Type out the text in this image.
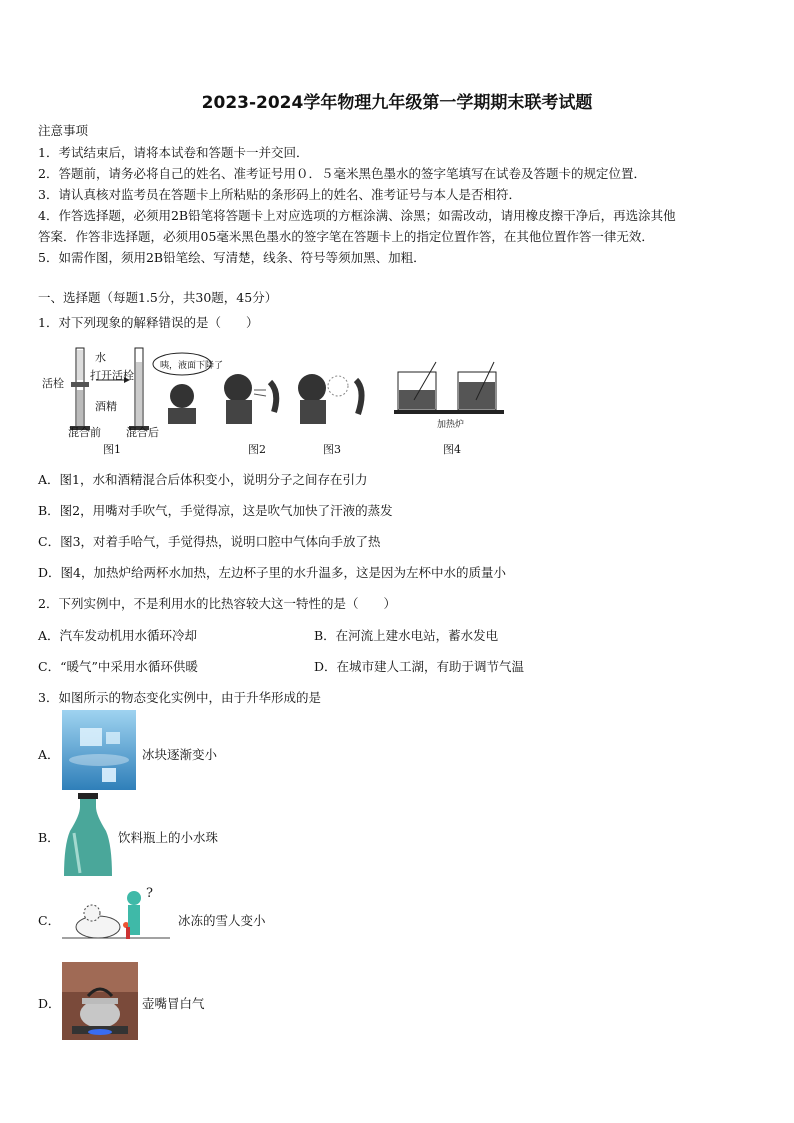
2023-2024学年物理九年级第一学期期末联考试题
注意事项
1．考试结束后，请将本试卷和答题卡一并交回．
2．答题前，请务必将自己的姓名、准考证号用０．５毫米黑色墨水的签字笔填写在试卷及答题卡的规定位置．
3．请认真核对监考员在答题卡上所粘贴的条形码上的姓名、准考证号与本人是否相符．
4．作答选择题，必须用2B铅笔将答题卡上对应选项的方框涂满、涂黑；如需改动，请用橡皮擦干净后，再选涂其他
答案．作答非选择题，必须用05毫米黑色墨水的签字笔在答题卡上的指定位置作答，在其他位置作答一律无效．
5．如需作图，须用2B铅笔绘、写清楚，线条、符号等须加黑、加粗．
一、选择题（每题1.5分，共30题，45分）
1．对下列现象的解释错误的是（　　）
水
活栓
打开活栓
酒精
混合前 混合后
咦，液面下降了
图1	图2	图3
加热炉
图4
A．图1，水和酒精混合后体积变小，说明分子之间存在引力
B．图2，用嘴对手吹气，手觉得凉，这是吹气加快了汗液的蒸发
C．图3，对着手哈气，手觉得热，说明口腔中气体向手放了热
D．图4，加热炉给两杯水加热，左边杯子里的水升温多，这是因为左杯中水的质量小
2．下列实例中，不是利用水的比热容较大这一特性的是（　　）
A．汽车发动机用水循环冷却	B．在河流上建水电站，蓄水发电
C．“暖气”中采用水循环供暖	D．在城市建人工湖，有助于调节气温
3．如图所示的物态变化实例中，由于升华形成的是
A．	冰块逐渐变小
B．	饮料瓶上的小水珠
C．
?
冰冻的雪人变小
D．	壶嘴冒白气
